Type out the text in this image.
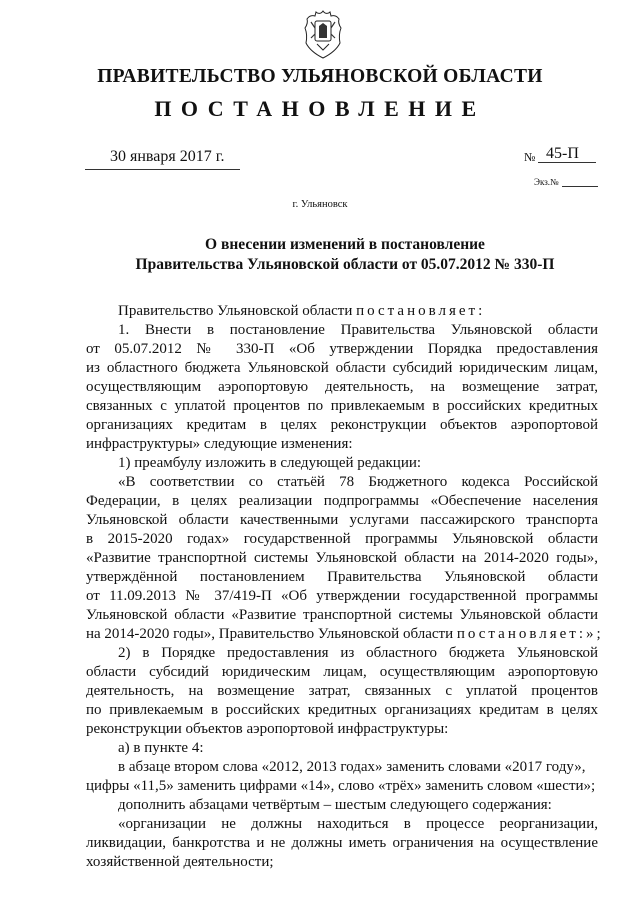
ПРАВИТЕЛЬСТВО УЛЬЯНОВСКОЙ ОБЛАСТИ
ПОСТАНОВЛЕНИЕ
30 января 2017 г.	№ 45-П
Экз.№
г. Ульяновск
О внесении изменений в постановление
Правительства Ульяновской области от 05.07.2012 № 330-П
Правительство Ульяновской области постановляет:
1. Внести в постановление Правительства Ульяновской области
от 05.07.2012 № 330-П «Об утверждении Порядка предоставления
из областного бюджета Ульяновской области субсидий юридическим лицам,
осуществляющим аэропортовую деятельность, на возмещение затрат,
связанных с уплатой процентов по привлекаемым в российских кредитных
организациях кредитам в целях реконструкции объектов аэропортовой
инфраструктуры» следующие изменения:
1) преамбулу изложить в следующей редакции:
«В соответствии со статьёй 78 Бюджетного кодекса Российской
Федерации, в целях реализации подпрограммы «Обеспечение населения
Ульяновской области качественными услугами пассажирского транспорта
в 2015-2020 годах» государственной программы Ульяновской области
«Развитие транспортной системы Ульяновской области на 2014-2020 годы»,
утверждённой постановлением Правительства Ульяновской области
от 11.09.2013 № 37/419-П «Об утверждении государственной программы
Ульяновской области «Развитие транспортной системы Ульяновской области
на 2014-2020 годы», Правительство Ульяновской области постановляет:»;
2) в Порядке предоставления из областного бюджета Ульяновской
области субсидий юридическим лицам, осуществляющим аэропортовую
деятельность, на возмещение затрат, связанных с уплатой процентов
по привлекаемым в российских кредитных организациях кредитам в целях
реконструкции объектов аэропортовой инфраструктуры:
а) в пункте 4:
в абзаце втором слова «2012, 2013 годах» заменить словами «2017 году»,
цифры «11,5» заменить цифрами «14», слово «трёх» заменить словом «шести»;
дополнить абзацами четвёртым – шестым следующего содержания:
«организации не должны находиться в процессе реорганизации,
ликвидации, банкротства и не должны иметь ограничения на осуществление
хозяйственной деятельности;
